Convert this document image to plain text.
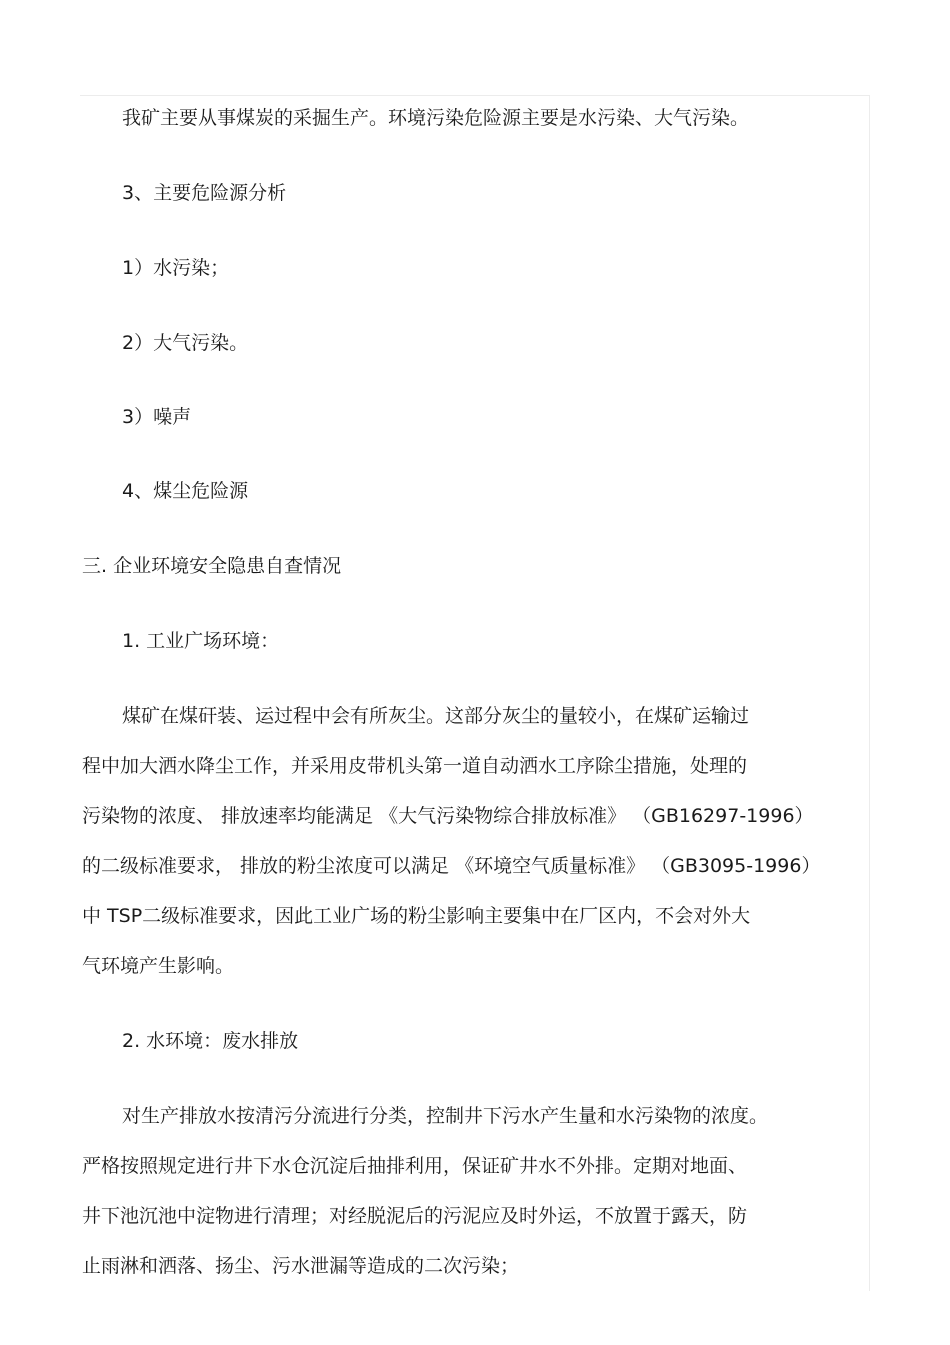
我矿主要从事煤炭的采掘生产。环境污染危险源主要是水污染、大气污染。
3、主要危险源分析
1）水污染；
2）大气污染。
3）噪声
4、煤尘危险源
三. 企业环境安全隐患自查情况
1. 工业广场环境：
煤矿在煤矸装、运过程中会有所灰尘。这部分灰尘的量较小，在煤矿运输过
程中加大洒水降尘工作，并采用皮带机头第一道自动洒水工序除尘措施，处理的
污染物的浓度、 排放速率均能满足 《大气污染物综合排放标准》 （GB16297-1996）
的二级标准要求， 排放的粉尘浓度可以满足 《环境空气质量标准》 （GB3095-1996）
中 TSP二级标准要求，因此工业广场的粉尘影响主要集中在厂区内，不会对外大
气环境产生影响。
2. 水环境：废水排放
对生产排放水按清污分流进行分类，控制井下污水产生量和水污染物的浓度。
严格按照规定进行井下水仓沉淀后抽排利用，保证矿井水不外排。定期对地面、
井下池沉池中淀物进行清理；对经脱泥后的污泥应及时外运，不放置于露天，防
止雨淋和洒落、扬尘、污水泄漏等造成的二次污染；
